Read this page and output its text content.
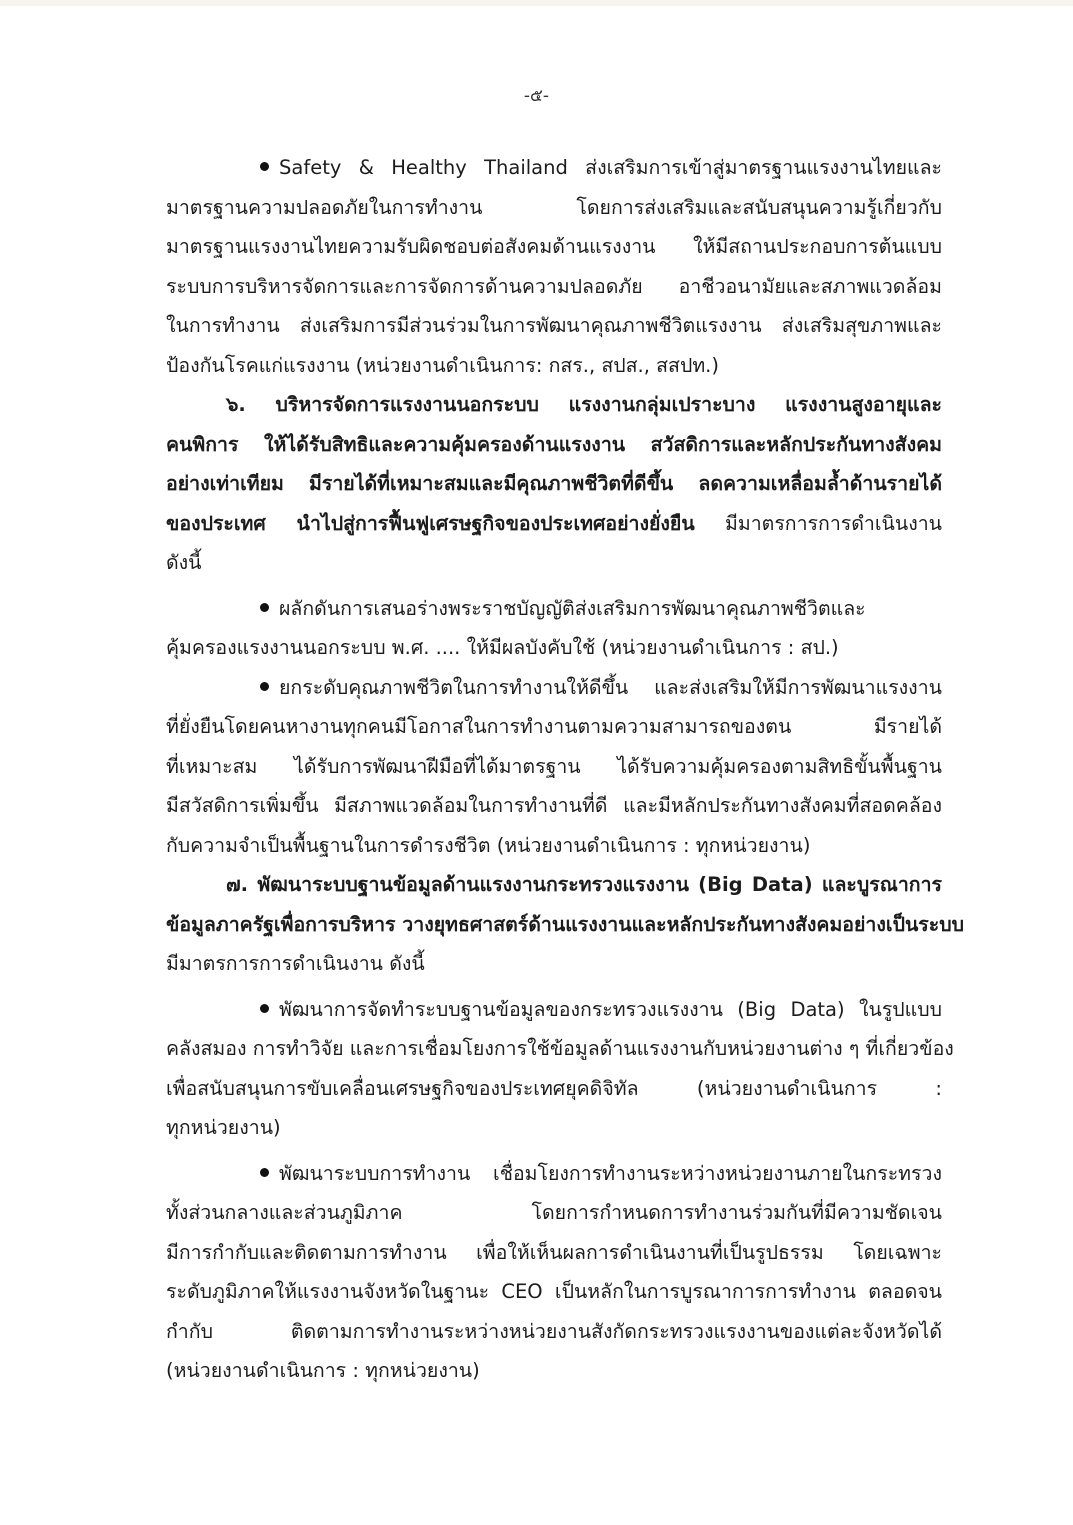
-๕-
Safety & Healthy Thailand ส่งเสริมการเข้าสู่มาตรฐานแรงงานไทยและ
มาตรฐานความปลอดภัยในการทำงาน โดยการส่งเสริมและสนับสนุนความรู้เกี่ยวกับ
มาตรฐานแรงงานไทยความรับผิดชอบต่อสังคมด้านแรงงาน ให้มีสถานประกอบการต้นแบบ
ระบบการบริหารจัดการและการจัดการด้านความปลอดภัย อาชีวอนามัยและสภาพแวดล้อม
ในการทำงาน ส่งเสริมการมีส่วนร่วมในการพัฒนาคุณภาพชีวิตแรงงาน ส่งเสริมสุขภาพและ
ป้องกันโรคแก่แรงงาน (หน่วยงานดำเนินการ: กสร., สปส., สสปท.)
๖. บริหารจัดการแรงงานนอกระบบ แรงงานกลุ่มเปราะบาง แรงงานสูงอายุและ
คนพิการ ให้ได้รับสิทธิและความคุ้มครองด้านแรงงาน สวัสดิการและหลักประกันทางสังคม
อย่างเท่าเทียม มีรายได้ที่เหมาะสมและมีคุณภาพชีวิตที่ดีขึ้น ลดความเหลื่อมล้ำด้านรายได้
ของประเทศ นำไปสู่การฟื้นฟูเศรษฐกิจของประเทศอย่างยั่งยืน มีมาตรการการดำเนินงาน
ดังนี้
ผลักดันการเสนอร่างพระราชบัญญัติส่งเสริมการพัฒนาคุณภาพชีวิตและ
คุ้มครองแรงงานนอกระบบ พ.ศ. .... ให้มีผลบังคับใช้ (หน่วยงานดำเนินการ : สป.)
ยกระดับคุณภาพชีวิตในการทำงานให้ดีขึ้น และส่งเสริมให้มีการพัฒนาแรงงาน
ที่ยั่งยืนโดยคนหางานทุกคนมีโอกาสในการทำงานตามความสามารถของตน มีรายได้
ที่เหมาะสม ได้รับการพัฒนาฝีมือที่ได้มาตรฐาน ได้รับความคุ้มครองตามสิทธิขั้นพื้นฐาน
มีสวัสดิการเพิ่มขึ้น มีสภาพแวดล้อมในการทำงานที่ดี และมีหลักประกันทางสังคมที่สอดคล้อง
กับความจำเป็นพื้นฐานในการดำรงชีวิต (หน่วยงานดำเนินการ : ทุกหน่วยงาน)
๗. พัฒนาระบบฐานข้อมูลด้านแรงงานกระทรวงแรงงาน (Big Data) และบูรณาการ
ข้อมูลภาครัฐเพื่อการบริหาร วางยุทธศาสตร์ด้านแรงงานและหลักประกันทางสังคมอย่างเป็นระบบ
มีมาตรการการดำเนินงาน ดังนี้
พัฒนาการจัดทำระบบฐานข้อมูลของกระทรวงแรงงาน (Big Data) ในรูปแบบ
คลังสมอง การทำวิจัย และการเชื่อมโยงการใช้ข้อมูลด้านแรงงานกับหน่วยงานต่าง ๆ ที่เกี่ยวข้อง
เพื่อสนับสนุนการขับเคลื่อนเศรษฐกิจของประเทศยุคดิจิทัล (หน่วยงานดำเนินการ :
ทุกหน่วยงาน)
พัฒนาระบบการทำงาน เชื่อมโยงการทำงานระหว่างหน่วยงานภายในกระทรวง
ทั้งส่วนกลางและส่วนภูมิภาค โดยการกำหนดการทำงานร่วมกันที่มีความชัดเจน
มีการกำกับและติดตามการทำงาน เพื่อให้เห็นผลการดำเนินงานที่เป็นรูปธรรม โดยเฉพาะ
ระดับภูมิภาคให้แรงงานจังหวัดในฐานะ CEO เป็นหลักในการบูรณาการการทำงาน ตลอดจน
กำกับ ติดตามการทำงานระหว่างหน่วยงานสังกัดกระทรวงแรงงานของแต่ละจังหวัดได้
(หน่วยงานดำเนินการ : ทุกหน่วยงาน)
